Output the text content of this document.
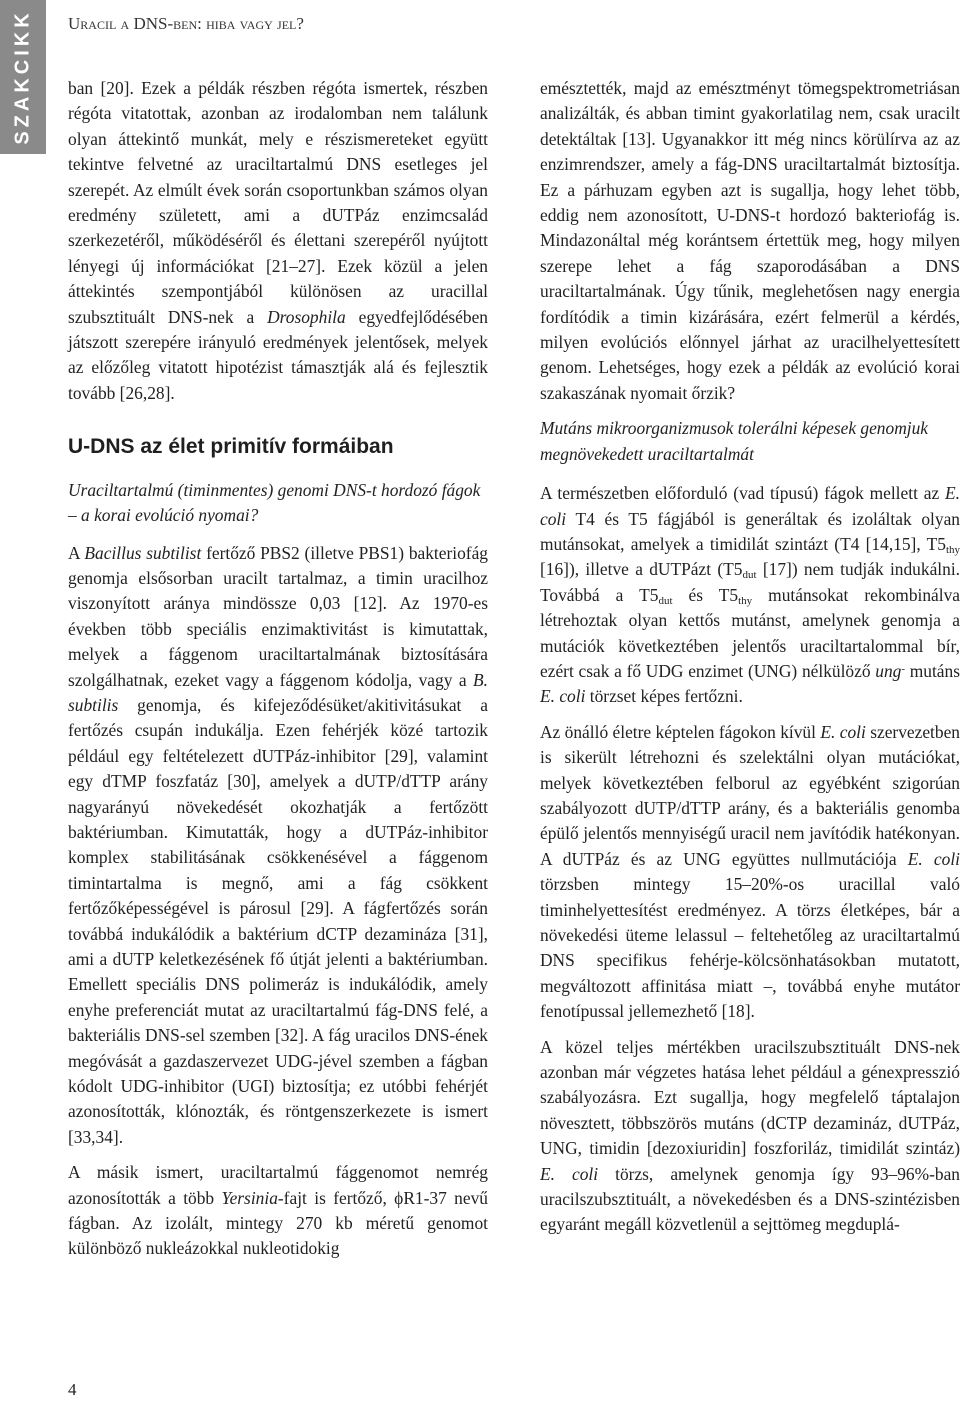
SZAKCIKK Uracil a DNS-ben: hiba vagy jel?

ban [20]. Ezek a példák részben régóta ismertek, részben régóta vitatottak, azonban az irodalomban nem találunk olyan áttekintő munkát, mely e részismereteket együtt tekintve felvetné az uraciltartalmú DNS esetleges jel szerepét. Az elmúlt évek során csoportunkban számos olyan eredmény született, ami a dUTPáz enzimcsalád szerkezetéről, működéséről és élettani szerepéről nyújtott lényegi új információkat [21–27]. Ezek közül a jelen áttekintés szempontjából különösen az uracillal szubsztituált DNS-nek a Drosophila egyedfejlődésében játszott szerepére irányuló eredmények jelentősek, melyek az előzőleg vitatott hipotézist támasztják alá és fejlesztik tovább [26,28].

U-DNS az élet primitív formáiban

Uraciltartalmú (timinmentes) genomi DNS-t hordozó fágok – a korai evolúció nyomai?

A Bacillus subtilist fertőző PBS2 (illetve PBS1) bakteriofág genomja elsősorban uracilt tartalmaz, a timin uracilhoz viszonyított aránya mindössze 0,03 [12]. Az 1970-es években több speciális enzimaktivitást is kimutattak, melyek a fággenom uraciltartalmának biztosítására szolgálhatnak, ezeket vagy a fággenom kódolja, vagy a B. subtilis genomja, és kifejeződésüket/akitivitásukat a fertőzés csupán indukálja. Ezen fehérjék közé tartozik például egy feltételezett dUTPáz-inhibitor [29], valamint egy dTMP foszfatáz [30], amelyek a dUTP/dTTP arány nagyarányú növekedését okozhatják a fertőzött baktériumban. Kimutatták, hogy a dUTPáz-inhibitor komplex stabilitásának csökkenésével a fággenom timintartalma is megnő, ami a fág csökkent fertőzőképességével is párosul [29]. A fágfertőzés során továbbá indukálódik a baktérium dCTP dezamináza [31], ami a dUTP keletkezésének fő útját jelenti a baktériumban. Emellett speciális DNS polimeráz is indukálódik, amely enyhe preferenciát mutat az uraciltartalmú fág-DNS felé, a bakteriális DNS-sel szemben [32]. A fág uracilos DNS-ének megóvását a gazdaszervezet UDG-jével szemben a fágban kódolt UDG-inhibitor (UGI) biztosítja; ez utóbbi fehérjét azonosították, klónozták, és röntgenszerkezete is ismert [33,34].

A másik ismert, uraciltartalmú fággenomot nemrég azonosították a több Yersinia-fajt is fertőző, ϕR1-37 nevű fágban. Az izolált, mintegy 270 kb méretű genomot különböző nukleázokkal nukleotidokig

emésztették, majd az emésztményt tömegspektrometriásan analizálták, és abban timint gyakorlatilag nem, csak uracilt detektáltak [13]. Ugyanakkor itt még nincs körülírva az az enzimrendszer, amely a fág-DNS uraciltartalmát biztosítja. Ez a párhuzam egyben azt is sugallja, hogy lehet több, eddig nem azonosított, U-DNS-t hordozó bakteriofág is. Mindazonáltal még korántsem értettük meg, hogy milyen szerepe lehet a fág szaporodásában a DNS uraciltartalmának. Úgy tűnik, meglehetősen nagy energia fordítódik a timin kizárására, ezért felmerül a kérdés, milyen evolúciós előnnyel járhat az uracilhelyettesített genom. Lehetséges, hogy ezek a példák az evolúció korai szakaszának nyomait őrzik?

Mutáns mikroorganizmusok tolerálni képesek genomjuk megnövekedett uraciltartalmát

A természetben előforduló (vad típusú) fágok mellett az E. coli T4 és T5 fágjából is generáltak és izoláltak olyan mutánsokat, amelyek a timidilát szintázt (T4 [14,15], $T5_{thy}$ [16]), illetve a dUTPázt ($T5_{dut}$ [17]) nem tudják indukálni. Továbbá a $T5_{dut}$ és $T5_{thy}$ mutánsokat rekombinálva létrehoztak olyan kettős mutánst, amelynek genomja a mutációk következtében jelentős uraciltartalommal bír, ezért csak a fő UDG enzimet (UNG) nélkülöző ung- mutáns E. coli törzset képes fertőzni.

Az önálló életre képtelen fágokon kívül E. coli szervezetben is sikerült létrehozni és szelektálni olyan mutációkat, melyek következtében felborul az egyébként szigorúan szabályozott dUTP/dTTP arány, és a bakteriális genomba épülő jelentős mennyiségű uracil nem javítódik hatékonyan. A dUTPáz és az UNG együttes nullmutációja E. coli törzsben mintegy 15–20%-os uracillal való timinhelyettesítést eredményez. A törzs életképes, bár a növekedési üteme lelassul – feltehetőleg az uraciltartalmú DNS specifikus fehérje-kölcsönhatásokban mutatott, megváltozott affinitása miatt –, továbbá enyhe mutátor fenotípussal jellemezhető [18].

A közel teljes mértékben uracilszubsztituált DNS-nek azonban már végzetes hatása lehet például a génexpresszió szabályozásra. Ezt sugallja, hogy megfelelő táptalajon növesztett, többszörös mutáns (dCTP dezamináz, dUTPáz, UNG, timidin [dezoxiuridin] foszforiláz, timidilát szintáz) E. coli törzs, amelynek genomja így 93–96%-ban uracilszubsztituált, a növekedésben és a DNS-szintézisben egyaránt megáll közvetlenül a sejttömeg megduplá-

4
